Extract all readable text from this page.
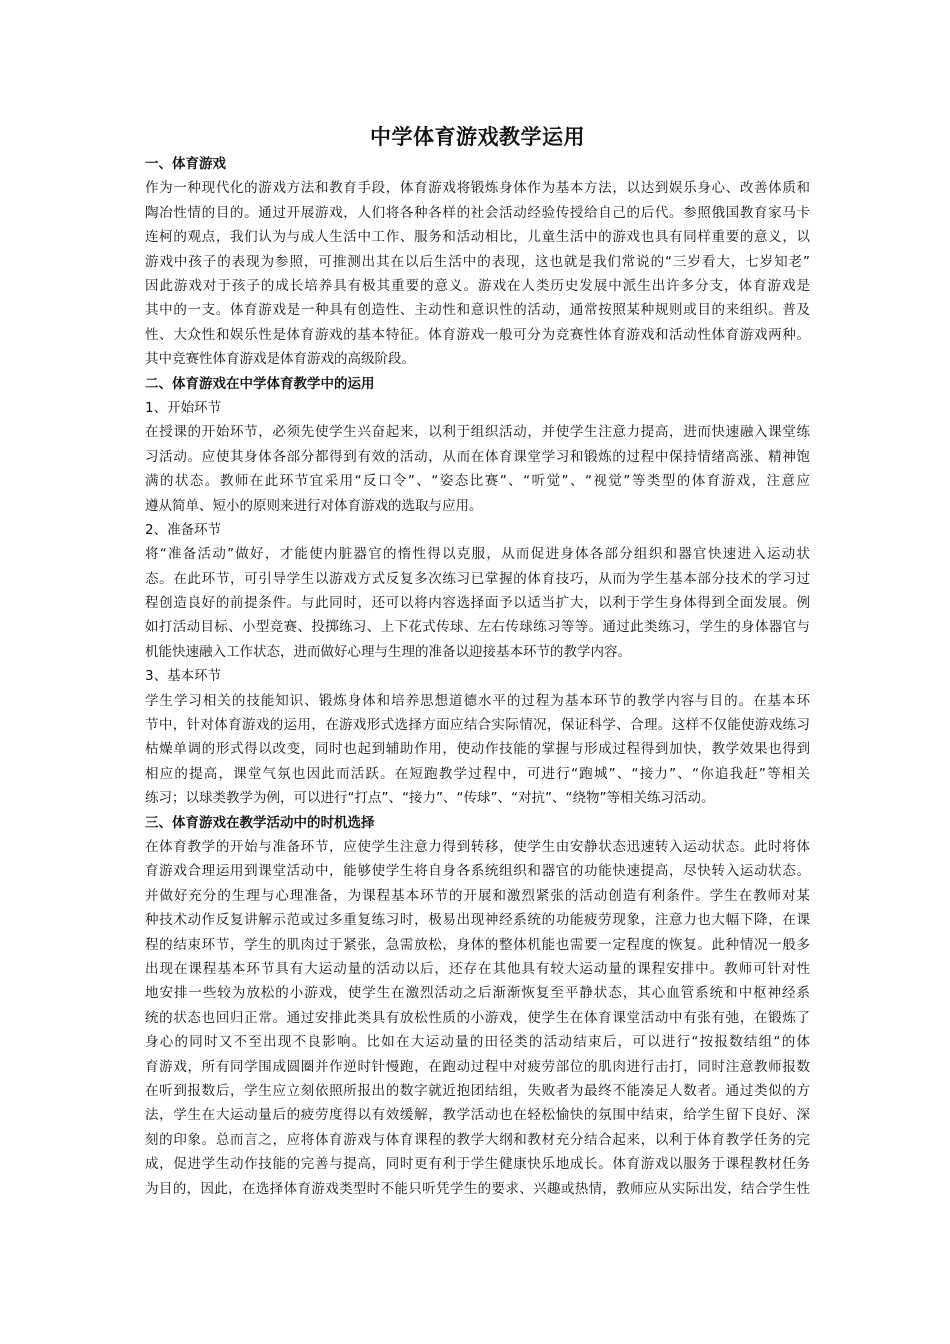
中学体育游戏教学运用
一、体育游戏
作为一种现代化的游戏方法和教育手段，体育游戏将锻炼身体作为基本方法，以达到娱乐身心、改善体质和
陶冶性情的目的。通过开展游戏，人们将各种各样的社会活动经验传授给自己的后代。参照俄国教育家马卡
连柯的观点，我们认为与成人生活中工作、服务和活动相比，儿童生活中的游戏也具有同样重要的意义，以
游戏中孩子的表现为参照，可推测出其在以后生活中的表现，这也就是我们常说的“三岁看大，七岁知老”
因此游戏对于孩子的成长培养具有极其重要的意义。游戏在人类历史发展中派生出许多分支，体育游戏是
其中的一支。体育游戏是一种具有创造性、主动性和意识性的活动，通常按照某种规则或目的来组织。普及
性、大众性和娱乐性是体育游戏的基本特征。体育游戏一般可分为竞赛性体育游戏和活动性体育游戏两种。
其中竞赛性体育游戏是体育游戏的高级阶段。
二、体育游戏在中学体育教学中的运用
1、开始环节
在授课的开始环节，必须先使学生兴奋起来，以利于组织活动，并使学生注意力提高，进而快速融入课堂练
习活动。应使其身体各部分都得到有效的活动，从而在体育课堂学习和锻炼的过程中保持情绪高涨、精神饱
满的状态。教师在此环节宜采用“反口令”、“姿态比赛”、“听觉”、“视觉”等类型的体育游戏，注意应
遵从简单、短小的原则来进行对体育游戏的选取与应用。
2、准备环节
将“准备活动”做好，才能使内脏器官的惰性得以克服，从而促进身体各部分组织和器官快速进入运动状
态。在此环节，可引导学生以游戏方式反复多次练习已掌握的体育技巧，从而为学生基本部分技术的学习过
程创造良好的前提条件。与此同时，还可以将内容选择面予以适当扩大，以利于学生身体得到全面发展。例
如打活动目标、小型竞赛、投掷练习、上下花式传球、左右传球练习等等。通过此类练习，学生的身体器官与
机能快速融入工作状态，进而做好心理与生理的准备以迎接基本环节的教学内容。
3、基本环节
学生学习相关的技能知识、锻炼身体和培养思想道德水平的过程为基本环节的教学内容与目的。在基本环
节中，针对体育游戏的运用，在游戏形式选择方面应结合实际情况，保证科学、合理。这样不仅能使游戏练习
枯燥单调的形式得以改变，同时也起到辅助作用，使动作技能的掌握与形成过程得到加快，教学效果也得到
相应的提高，课堂气氛也因此而活跃。在短跑教学过程中，可进行“跑城”、“接力”、“你追我赶”等相关
练习；以球类教学为例，可以进行“打点”、“接力”、“传球”、“对抗”、“绕物”等相关练习活动。
三、体育游戏在教学活动中的时机选择
在体育教学的开始与准备环节，应使学生注意力得到转移，使学生由安静状态迅速转入运动状态。此时将体
育游戏合理运用到课堂活动中，能够使学生将自身各系统组织和器官的功能快速提高，尽快转入运动状态。
并做好充分的生理与心理准备，为课程基本环节的开展和激烈紧张的活动创造有利条件。学生在教师对某
种技术动作反复讲解示范或过多重复练习时，极易出现神经系统的功能疲劳现象，注意力也大幅下降，在课
程的结束环节，学生的肌肉过于紧张，急需放松，身体的整体机能也需要一定程度的恢复。此种情况一般多
出现在课程基本环节具有大运动量的活动以后，还存在其他具有较大运动量的课程安排中。教师可针对性
地安排一些较为放松的小游戏，使学生在激烈活动之后渐渐恢复至平静状态，其心血管系统和中枢神经系
统的状态也回归正常。通过安排此类具有放松性质的小游戏，使学生在体育课堂活动中有张有弛，在锻炼了
身心的同时又不至出现不良影响。比如在大运动量的田径类的活动结束后，可以进行“按报数结组“的体
育游戏，所有同学围成圆圈并作逆时针慢跑，在跑动过程中对疲劳部位的肌肉进行击打，同时注意教师报数
在听到报数后，学生应立刻依照所报出的数字就近抱团结组，失败者为最终不能凑足人数者。通过类似的方
法，学生在大运动量后的疲劳度得以有效缓解，教学活动也在轻松愉快的氛围中结束，给学生留下良好、深
刻的印象。总而言之，应将体育游戏与体育课程的教学大纲和教材充分结合起来，以利于体育教学任务的完
成，促进学生动作技能的完善与提高，同时更有利于学生健康快乐地成长。体育游戏以服务于课程教材任务
为目的，因此，在选择体育游戏类型时不能只听凭学生的要求、兴趣或热情，教师应从实际出发，结合学生性
